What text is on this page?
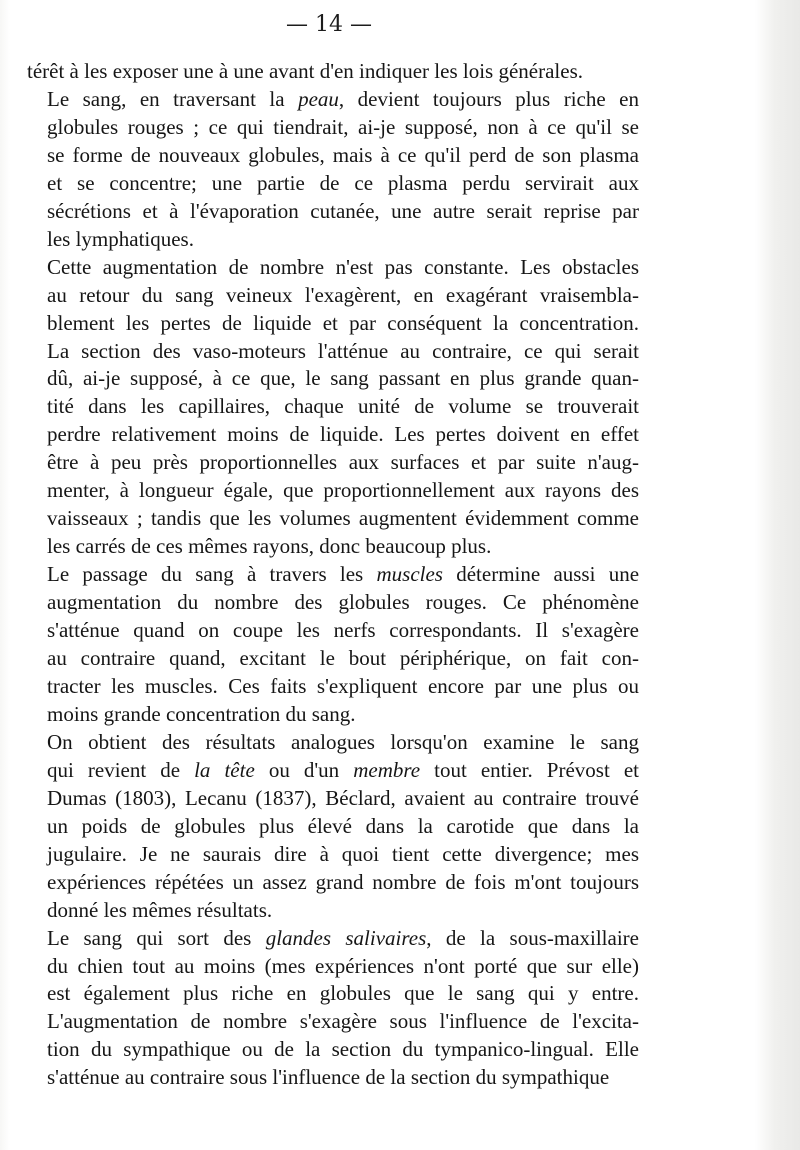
— 14 —
térêt à les exposer une à une avant d'en indiquer les lois générales.
Le sang, en traversant la peau, devient toujours plus riche en
globules rouges ; ce qui tiendrait, ai-je supposé, non à ce qu'il se
se forme de nouveaux globules, mais à ce qu'il perd de son plasma
et se concentre; une partie de ce plasma perdu servirait aux
sécrétions et à l'évaporation cutanée, une autre serait reprise par
les lymphatiques.
Cette augmentation de nombre n'est pas constante. Les obstacles
au retour du sang veineux l'exagèrent, en exagérant vraisembla-
blement les pertes de liquide et par conséquent la concentration.
La section des vaso-moteurs l'atténue au contraire, ce qui serait
dû, ai-je supposé, à ce que, le sang passant en plus grande quan-
tité dans les capillaires, chaque unité de volume se trouverait
perdre relativement moins de liquide. Les pertes doivent en effet
être à peu près proportionnelles aux surfaces et par suite n'aug-
menter, à longueur égale, que proportionnellement aux rayons des
vaisseaux ; tandis que les volumes augmentent évidemment comme
les carrés de ces mêmes rayons, donc beaucoup plus.
Le passage du sang à travers les muscles détermine aussi une
augmentation du nombre des globules rouges. Ce phénomène
s'atténue quand on coupe les nerfs correspondants. Il s'exagère
au contraire quand, excitant le bout périphérique, on fait con-
tracter les muscles. Ces faits s'expliquent encore par une plus ou
moins grande concentration du sang.
On obtient des résultats analogues lorsqu'on examine le sang
qui revient de la tête ou d'un membre tout entier. Prévost et
Dumas (1803), Lecanu (1837), Béclard, avaient au contraire trouvé
un poids de globules plus élevé dans la carotide que dans la
jugulaire. Je ne saurais dire à quoi tient cette divergence; mes
expériences répétées un assez grand nombre de fois m'ont toujours
donné les mêmes résultats.
Le sang qui sort des glandes salivaires, de la sous-maxillaire
du chien tout au moins (mes expériences n'ont porté que sur elle)
est également plus riche en globules que le sang qui y entre.
L'augmentation de nombre s'exagère sous l'influence de l'excita-
tion du sympathique ou de la section du tympanico-lingual. Elle
s'atténue au contraire sous l'influence de la section du sympathique
